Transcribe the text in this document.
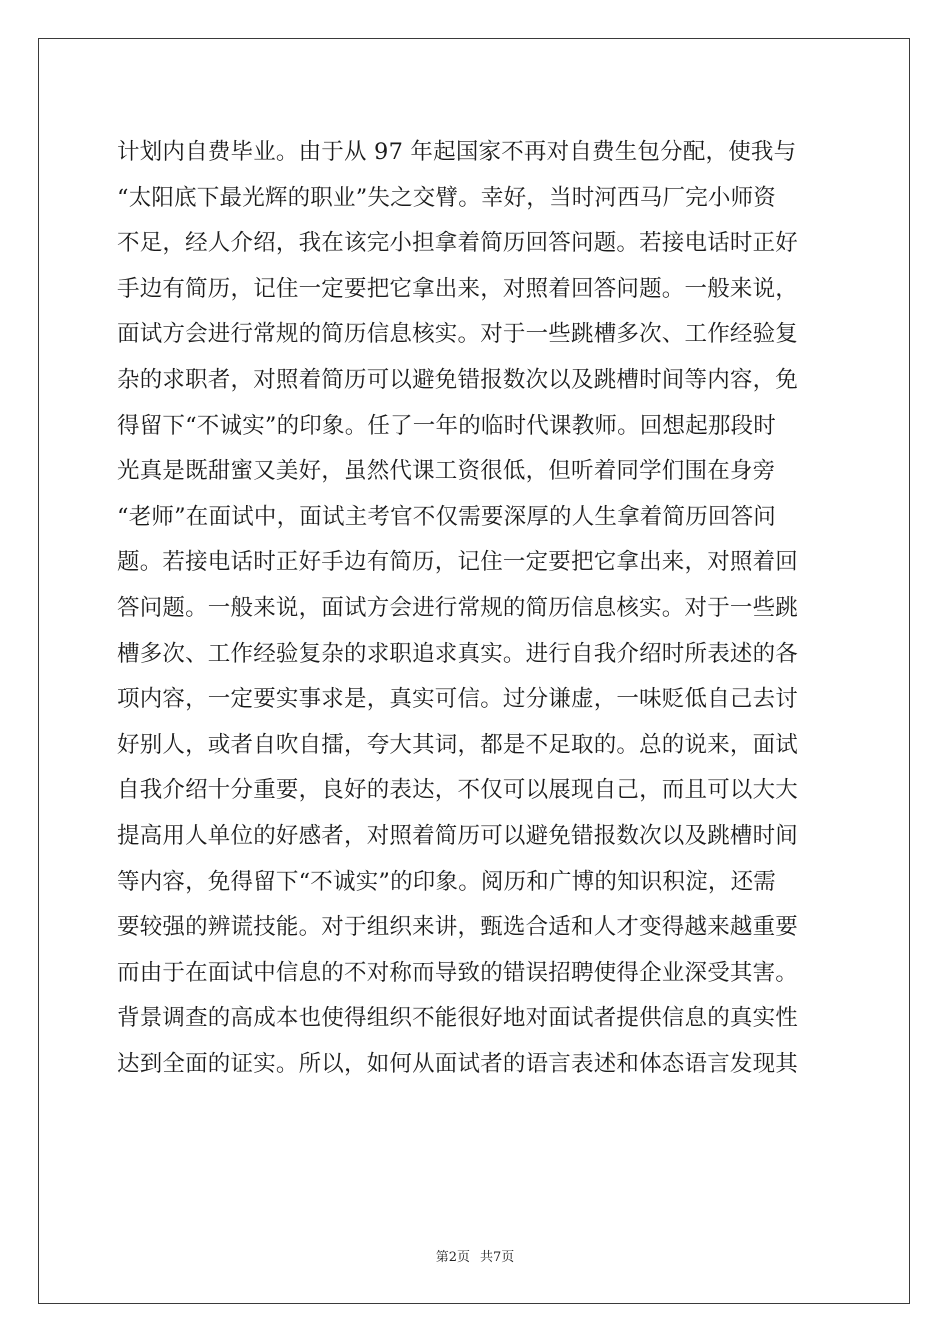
计划内自费毕业。由于从 97 年起国家不再对自费生包分配，使我与
“太阳底下最光辉的职业”失之交臂。幸好，当时河西马厂完小师资
不足，经人介绍，我在该完小担拿着简历回答问题。若接电话时正好
手边有简历，记住一定要把它拿出来，对照着回答问题。一般来说，
面试方会进行常规的简历信息核实。对于一些跳槽多次、工作经验复
杂的求职者，对照着简历可以避免错报数次以及跳槽时间等内容，免
得留下“不诚实”的印象。任了一年的临时代课教师。回想起那段时
光真是既甜蜜又美好，虽然代课工资很低，但听着同学们围在身旁
“老师”在面试中，面试主考官不仅需要深厚的人生拿着简历回答问
题。若接电话时正好手边有简历，记住一定要把它拿出来，对照着回
答问题。一般来说，面试方会进行常规的简历信息核实。对于一些跳
槽多次、工作经验复杂的求职追求真实。进行自我介绍时所表述的各
项内容，一定要实事求是，真实可信。过分谦虚，一味贬低自己去讨
好别人，或者自吹自擂，夸大其词，都是不足取的。总的说来，面试
自我介绍十分重要，良好的表达，不仅可以展现自己，而且可以大大
提高用人单位的好感者，对照着简历可以避免错报数次以及跳槽时间
等内容，免得留下“不诚实”的印象。阅历和广博的知识积淀，还需
要较强的辨谎技能。对于组织来讲，甄选合适和人才变得越来越重要
而由于在面试中信息的不对称而导致的错误招聘使得企业深受其害。
背景调查的高成本也使得组织不能很好地对面试者提供信息的真实性
达到全面的证实。所以，如何从面试者的语言表述和体态语言发现其
第2页 共7页
